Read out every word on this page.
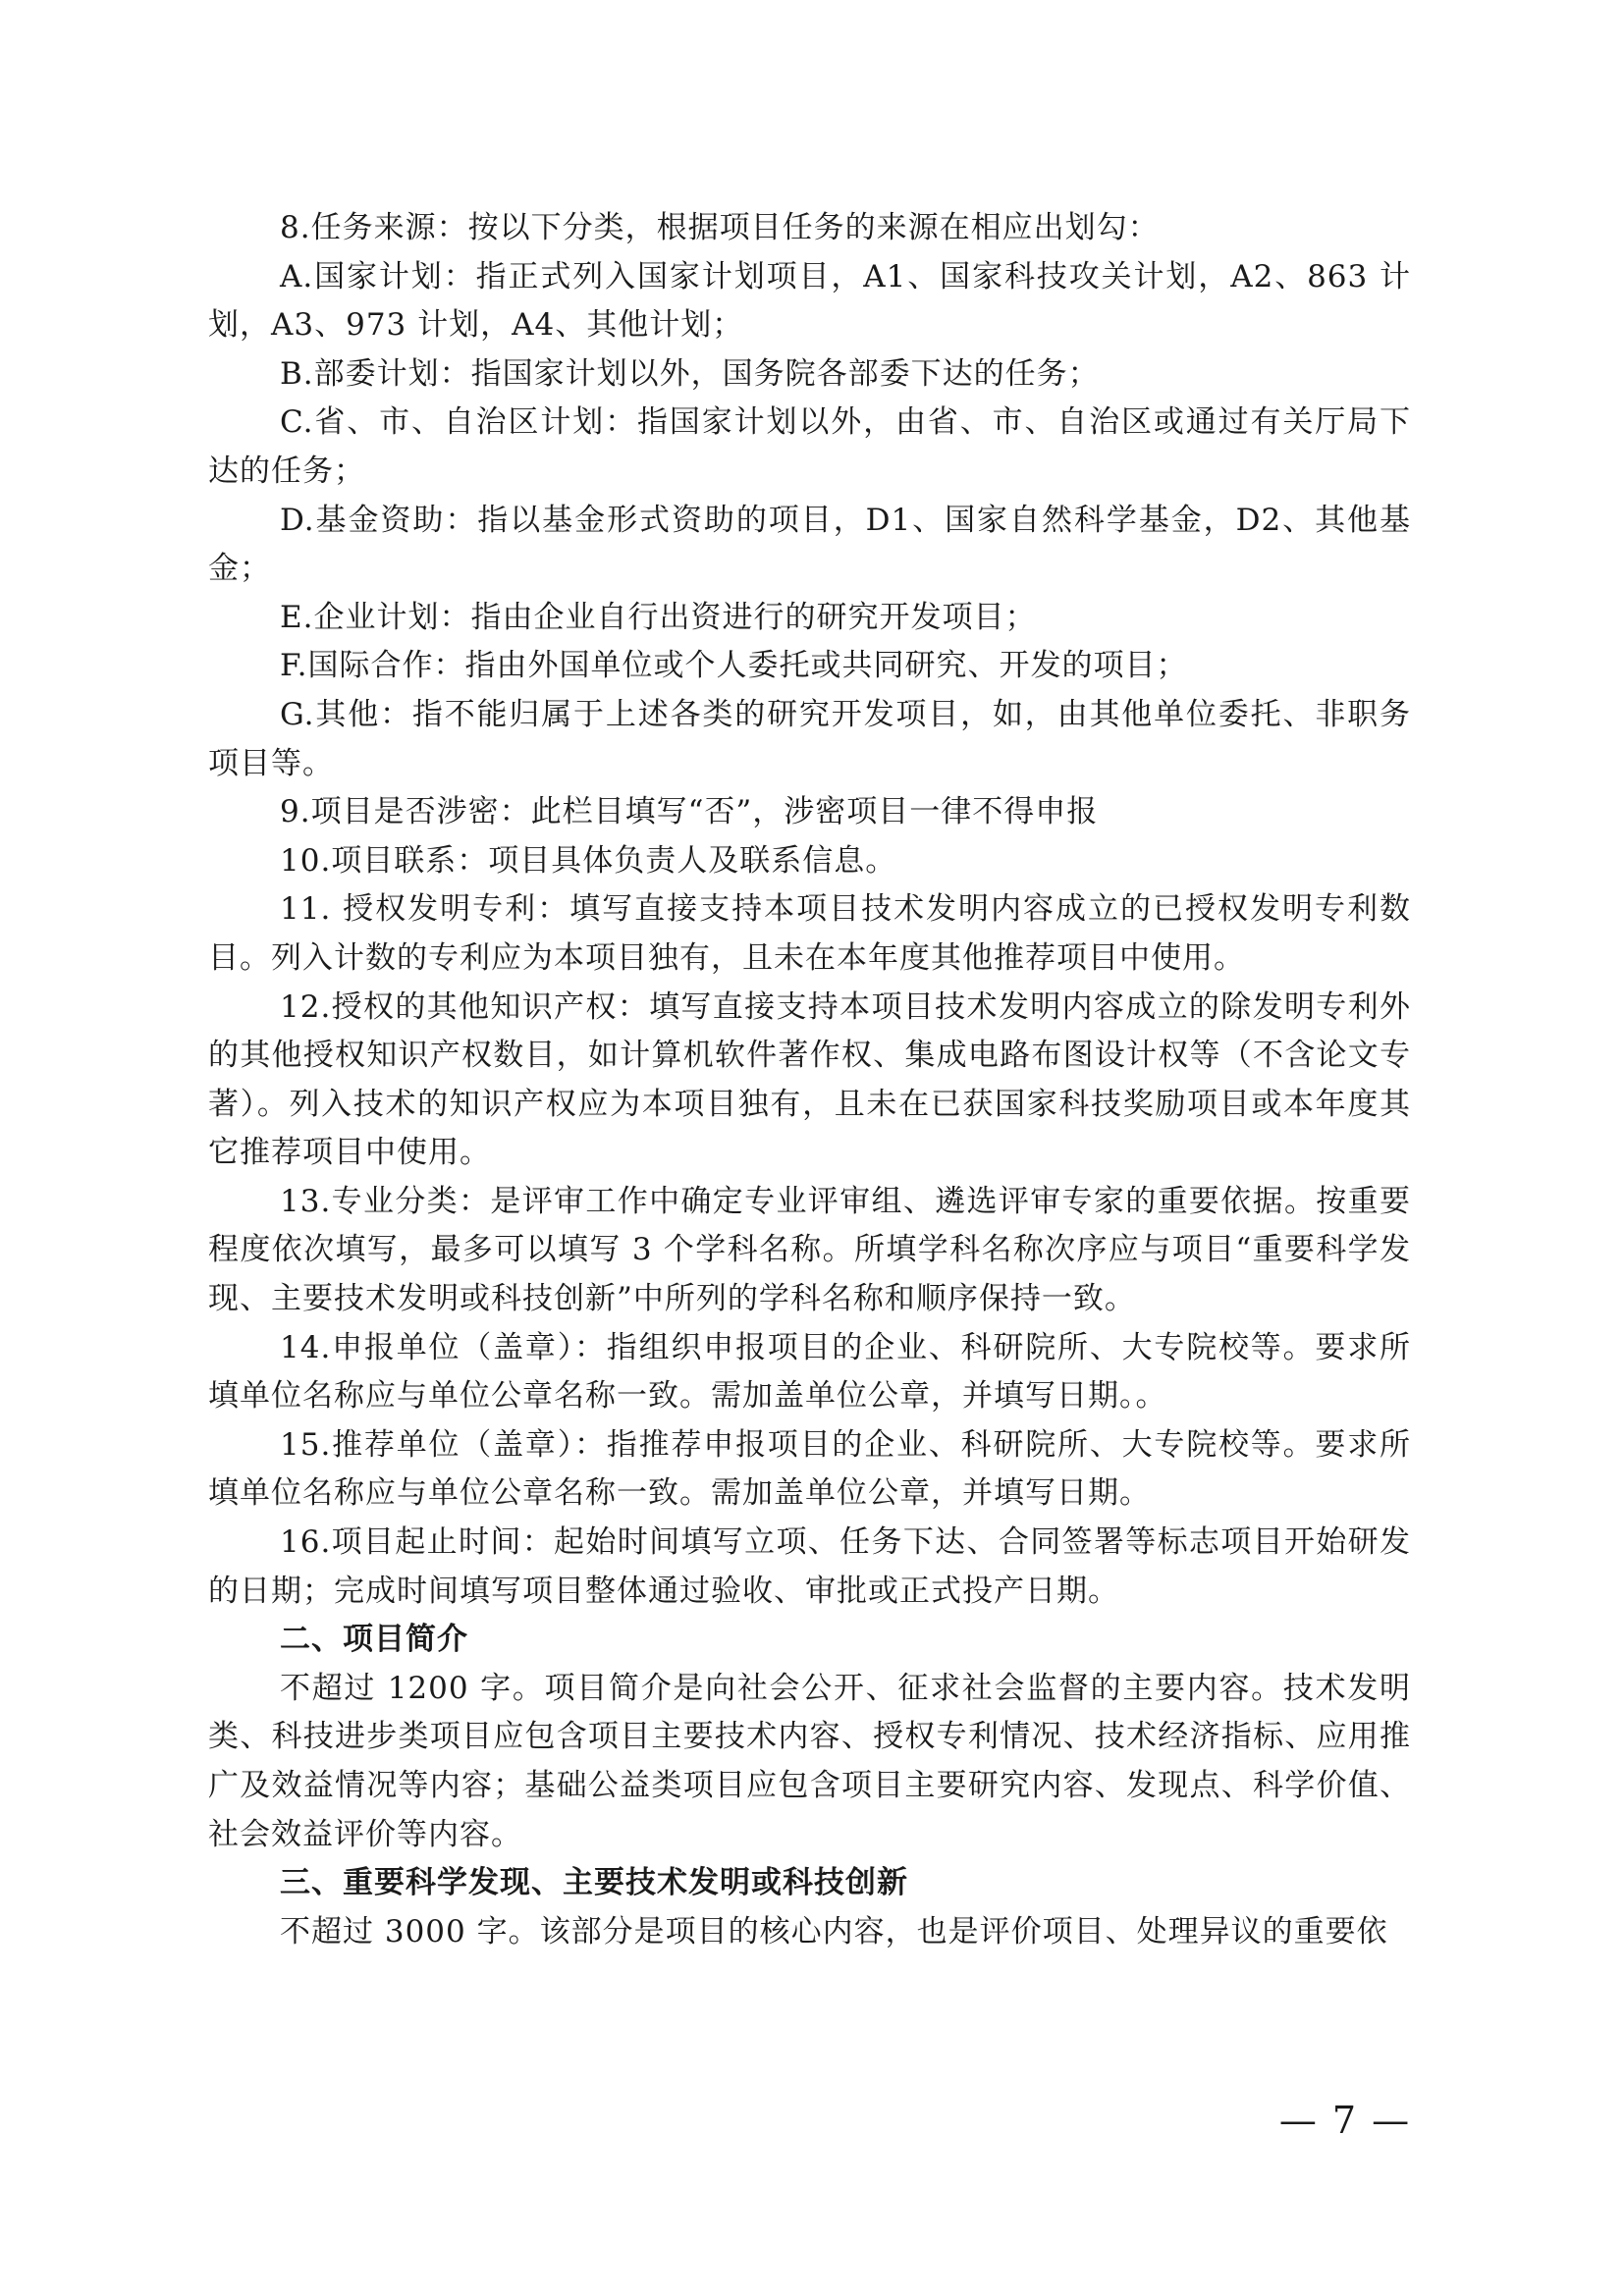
8.任务来源：按以下分类，根据项目任务的来源在相应出划勾：

A.国家计划：指正式列入国家计划项目，A1、国家科技攻关计划，A2、863 计划，A3、973 计划，A4、其他计划；

B.部委计划：指国家计划以外，国务院各部委下达的任务；

C.省、市、自治区计划：指国家计划以外，由省、市、自治区或通过有关厅局下达的任务；

D.基金资助：指以基金形式资助的项目，D1、国家自然科学基金，D2、其他基金；

E.企业计划：指由企业自行出资进行的研究开发项目；

F.国际合作：指由外国单位或个人委托或共同研究、开发的项目；

G.其他：指不能归属于上述各类的研究开发项目，如，由其他单位委托、非职务项目等。

9.项目是否涉密：此栏目填写“否”，涉密项目一律不得申报

10.项目联系：项目具体负责人及联系信息。

11. 授权发明专利：填写直接支持本项目技术发明内容成立的已授权发明专利数目。列入计数的专利应为本项目独有，且未在本年度其他推荐项目中使用。

12.授权的其他知识产权：填写直接支持本项目技术发明内容成立的除发明专利外的其他授权知识产权数目，如计算机软件著作权、集成电路布图设计权等（不含论文专著）。列入技术的知识产权应为本项目独有，且未在已获国家科技奖励项目或本年度其它推荐项目中使用。

13.专业分类：是评审工作中确定专业评审组、遴选评审专家的重要依据。按重要程度依次填写，最多可以填写 3 个学科名称。所填学科名称次序应与项目“重要科学发现、主要技术发明或科技创新”中所列的学科名称和顺序保持一致。

14.申报单位（盖章）：指组织申报项目的企业、科研院所、大专院校等。要求所填单位名称应与单位公章名称一致。需加盖单位公章，并填写日期。。

15.推荐单位（盖章）：指推荐申报项目的企业、科研院所、大专院校等。要求所填单位名称应与单位公章名称一致。需加盖单位公章，并填写日期。

16.项目起止时间：起始时间填写立项、任务下达、合同签署等标志项目开始研发的日期；完成时间填写项目整体通过验收、审批或正式投产日期。

二、项目简介

不超过 1200 字。项目简介是向社会公开、征求社会监督的主要内容。技术发明类、科技进步类项目应包含项目主要技术内容、授权专利情况、技术经济指标、应用推广及效益情况等内容；基础公益类项目应包含项目主要研究内容、发现点、科学价值、社会效益评价等内容。

三、重要科学发现、主要技术发明或科技创新

不超过 3000 字。该部分是项目的核心内容，也是评价项目、处理异议的重要依

— 7 —
